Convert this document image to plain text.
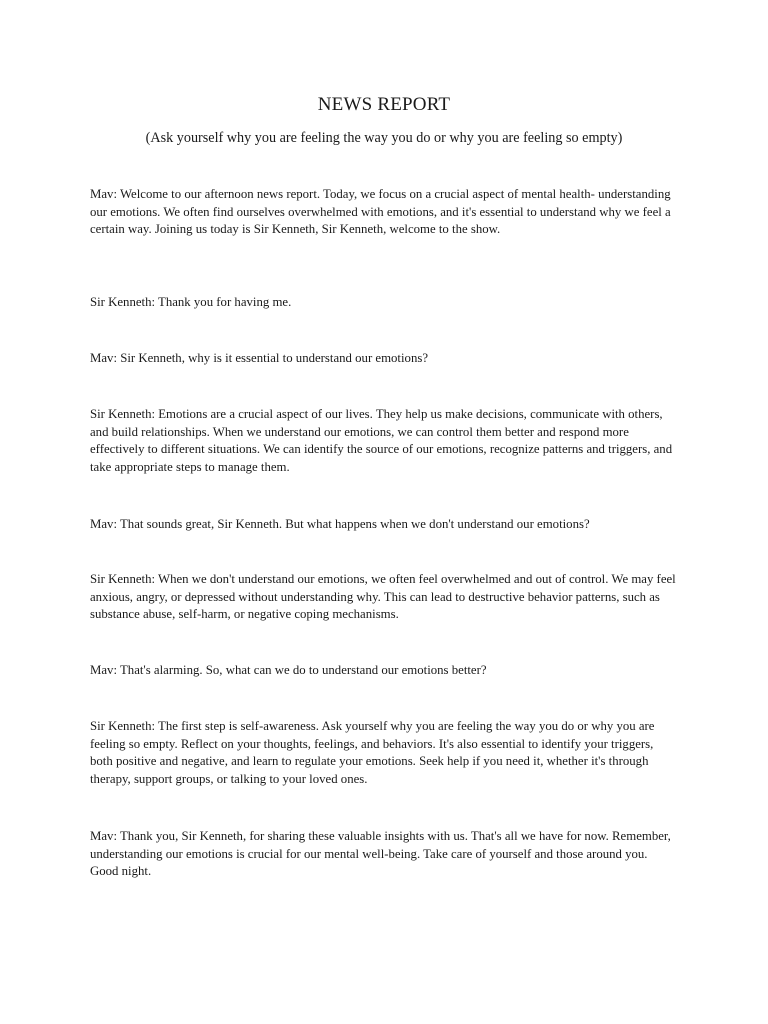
NEWS REPORT
(Ask yourself why you are feeling the way you do or why you are feeling so empty)

Mav: Welcome to our afternoon news report. Today, we focus on a crucial aspect of mental health- understanding our emotions. We often find ourselves overwhelmed with emotions, and it's essential to understand why we feel a certain way. Joining us today is Sir Kenneth, Sir Kenneth, welcome to the show.

Sir Kenneth: Thank you for having me.

Mav: Sir Kenneth, why is it essential to understand our emotions?

Sir Kenneth: Emotions are a crucial aspect of our lives. They help us make decisions, communicate with others, and build relationships. When we understand our emotions, we can control them better and respond more effectively to different situations. We can identify the source of our emotions, recognize patterns and triggers, and take appropriate steps to manage them.

Mav: That sounds great, Sir Kenneth. But what happens when we don't understand our emotions?

Sir Kenneth: When we don't understand our emotions, we often feel overwhelmed and out of control. We may feel anxious, angry, or depressed without understanding why. This can lead to destructive behavior patterns, such as substance abuse, self-harm, or negative coping mechanisms.

Mav: That's alarming. So, what can we do to understand our emotions better?

Sir Kenneth: The first step is self-awareness. Ask yourself why you are feeling the way you do or why you are feeling so empty. Reflect on your thoughts, feelings, and behaviors. It's also essential to identify your triggers, both positive and negative, and learn to regulate your emotions. Seek help if you need it, whether it's through therapy, support groups, or talking to your loved ones.

Mav: Thank you, Sir Kenneth, for sharing these valuable insights with us. That's all we have for now. Remember, understanding our emotions is crucial for our mental well-being. Take care of yourself and those around you. Good night.
